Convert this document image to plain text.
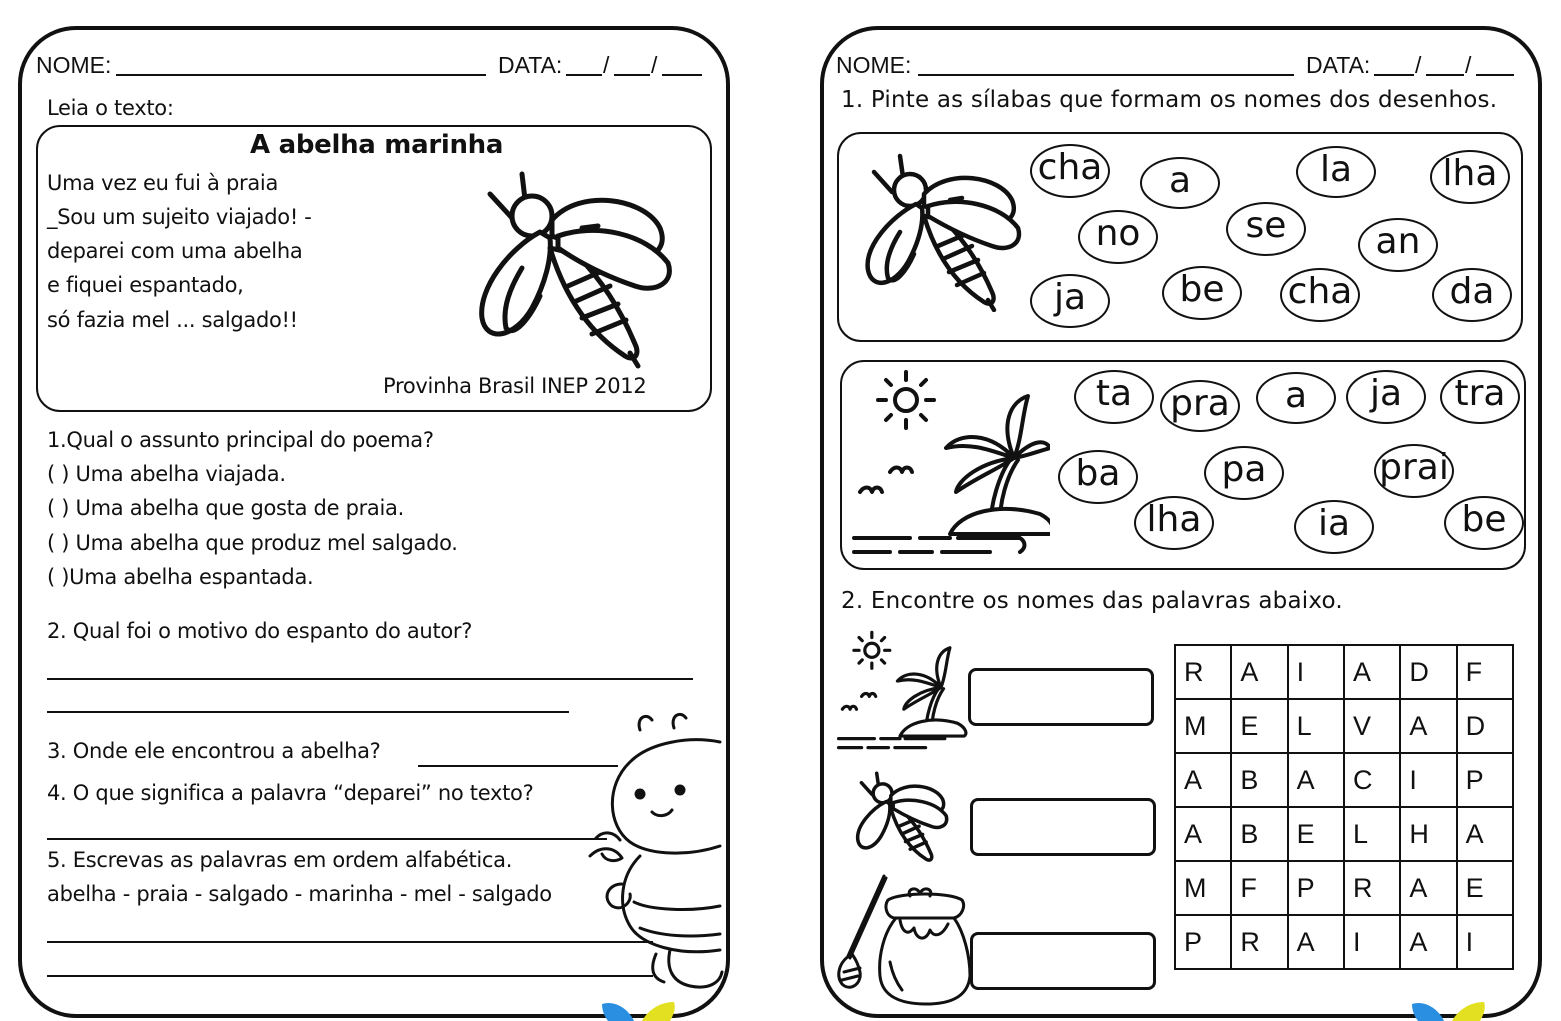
NOME:	DATA: / /
Leia o texto:
A abelha marinha
Uma vez eu fui à praia
_Sou um sujeito viajado! -
deparei com uma abelha
e fiquei espantado,
só fazia mel ... salgado!!
Provinha Brasil INEP 2012
1.Qual o assunto principal do poema?
( ) Uma abelha viajada.
( ) Uma abelha que gosta de praia.
( ) Uma abelha que produz mel salgado.
( )Uma abelha espantada.
2. Qual foi o motivo do espanto do autor?
3. Onde ele encontrou a abelha?
4. O que significa a palavra “deparei” no texto?
5. Escrevas as palavras em ordem alfabética.
abelha - praia - salgado - marinha - mel - salgado
NOME:	DATA: / /
1. Pinte as sílabas que formam os nomes dos desenhos.
cha	a	la	lha
no	se	an
ja	be	cha	da
ta	pra	a	ja	tra
ba	pa	prai
lha	ia	be
2. Encontre os nomes das palavras abaixo.
R	A	I	A	D	F
M	E	L	V	A	D
A	B	A	C	I	P
A	B	E	L	H	A
M	F	P	R	A	E
P	R	A	I	A	I
